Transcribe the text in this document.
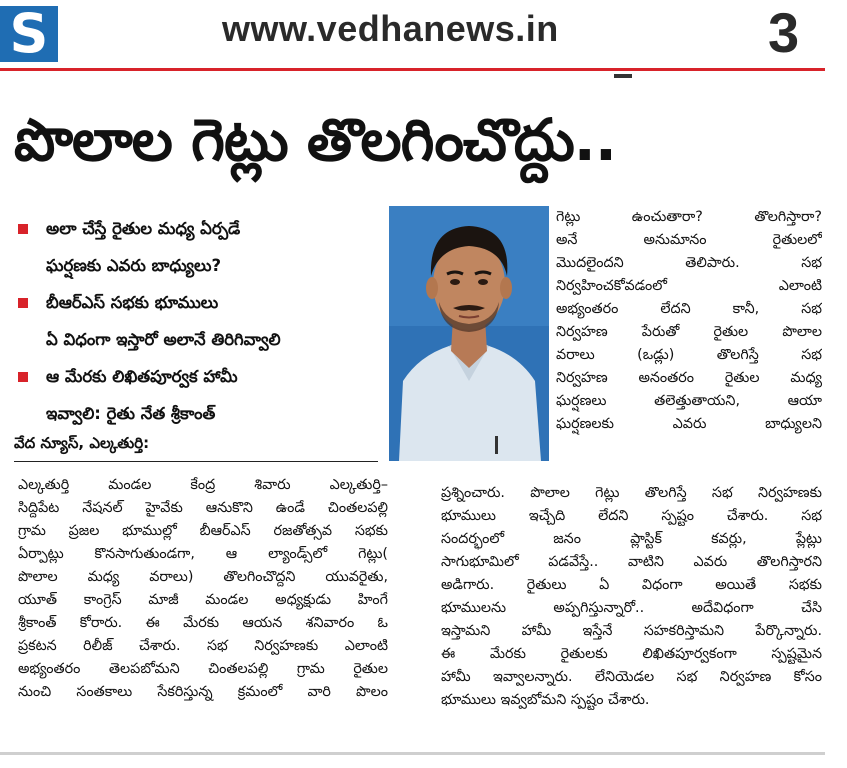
S	www.vedhanews.in	3
పొలాల గెట్లు తొలగించొద్దు..
అలా చేస్తే రైతుల మధ్య ఏర్పడే
ఘర్షణకు ఎవరు బాధ్యులు?
బీఆర్ఎస్ సభకు భూములు
ఏ విధంగా ఇస్తారో అలానే తిరిగివ్వాలి
ఆ మేరకు లిఖితపూర్వక హామీ
ఇవ్వాలి: రైతు నేత శ్రీకాంత్
వేద న్యూస్, ఎల్కతుర్తి:
ఎల్కతుర్తి మండల కేంద్ర శివారు ఎల్కతుర్తి–
సిద్దిపేట నేషనల్ హైవేకు ఆనుకొని ఉండే చింతలపల్లి
గ్రామ ప్రజల భూముల్లో బీఆర్ఎస్ రజతోత్సవ సభకు
ఏర్పాట్లు కొనసాగుతుండగా, ఆ ల్యాండ్స్‌లో గెట్లు(
పొలాల మధ్య వరాలు) తొలగించొద్దని యువరైతు,
యూత్ కాంగ్రెస్ మాజీ మండల అధ్యక్షుడు హింగే
శ్రీకాంత్ కోరారు. ఈ మేరకు ఆయన శనివారం ఓ
ప్రకటన రిలీజ్ చేశారు. సభ నిర్వహణకు ఎలాంటి
అభ్యంతరం తెలపబోమని చింతలపల్లి గ్రామ రైతుల
నుంచి సంతకాలు సేకరిస్తున్న క్రమంలో వారి పొలం
గెట్లు ఉంచుతారా? తొలగిస్తారా?
అనే అనుమానం రైతులలో
మొదలైందని తెలిపారు. సభ
నిర్వహించకోవడంలో ఎలాంటి
అభ్యంతరం లేదని కానీ, సభ
నిర్వహణ పేరుతో రైతుల పొలాల
వరాలు (ఒడ్లు) తొలగిస్తే సభ
నిర్వహణ అనంతరం రైతుల మధ్య
ఘర్షణలు తలెత్తుతాయని, ఆయా
ఘర్షణలకు ఎవరు బాధ్యులని
ప్రశ్నించారు. పొలాల గెట్లు తొలగిస్తే సభ నిర్వహణకు
భూములు ఇచ్చేది లేదని స్పష్టం చేశారు. సభ
సందర్భంలో జనం ప్లాస్టిక్ కవర్లు, ప్లేట్లు
సాగుభూమిలో పడవేస్తే.. వాటిని ఎవరు తొలగిస్తారని
అడిగారు. రైతులు ఏ విధంగా అయితే సభకు
భూములను అప్పగిస్తున్నారో.. అదేవిధంగా చేసి
ఇస్తామని హామీ ఇస్తేనే సహకరిస్తామని పేర్కొన్నారు.
ఈ మేరకు రైతులకు లిఖితపూర్వకంగా స్పష్టమైన
హామీ ఇవ్వాలన్నారు. లేనియెడల సభ నిర్వహణ కోసం
భూములు ఇవ్వబోమని స్పష్టం చేశారు.
